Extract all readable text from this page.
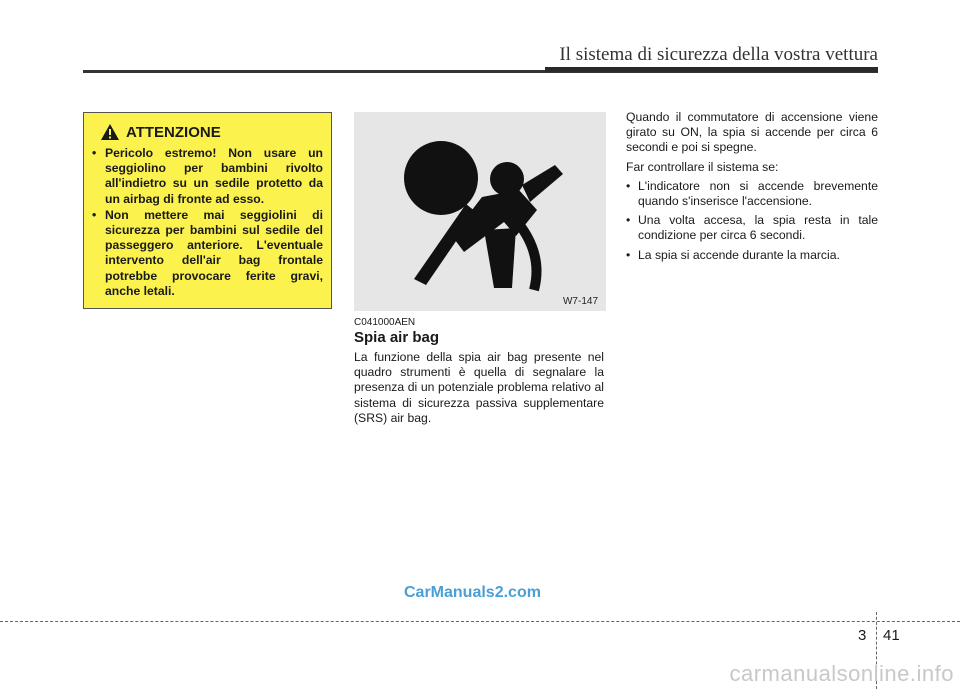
Il sistema di sicurezza della vostra vettura
ATTENZIONE
• Pericolo estremo! Non usare un seggiolino per bambini rivolto all'indietro su un sedile protetto da un airbag di fronte ad esso.
• Non mettere mai seggiolini di sicurezza per bambini sul sedile del passeggero anteriore. L'eventuale intervento dell'air bag frontale potrebbe provocare ferite gravi, anche letali.
W7-147
C041000AEN
Spia air bag

La funzione della spia air bag presente nel quadro strumenti è quella di segnalare la presenza di un potenziale problema relativo al sistema di sicurezza passiva supplementare (SRS) air bag.

Quando il commutatore di accensione viene girato su ON, la spia si accende per circa 6 secondi e poi si spegne.

Far controllare il sistema se:

• L'indicatore non si accende brevemente quando s'inserisce l'accensione.
• Una volta accesa, la spia resta in tale condizione per circa 6 secondi.
• La spia si accende durante la marcia.
CarManuals2.com
3 41
carmanualsonline.info
